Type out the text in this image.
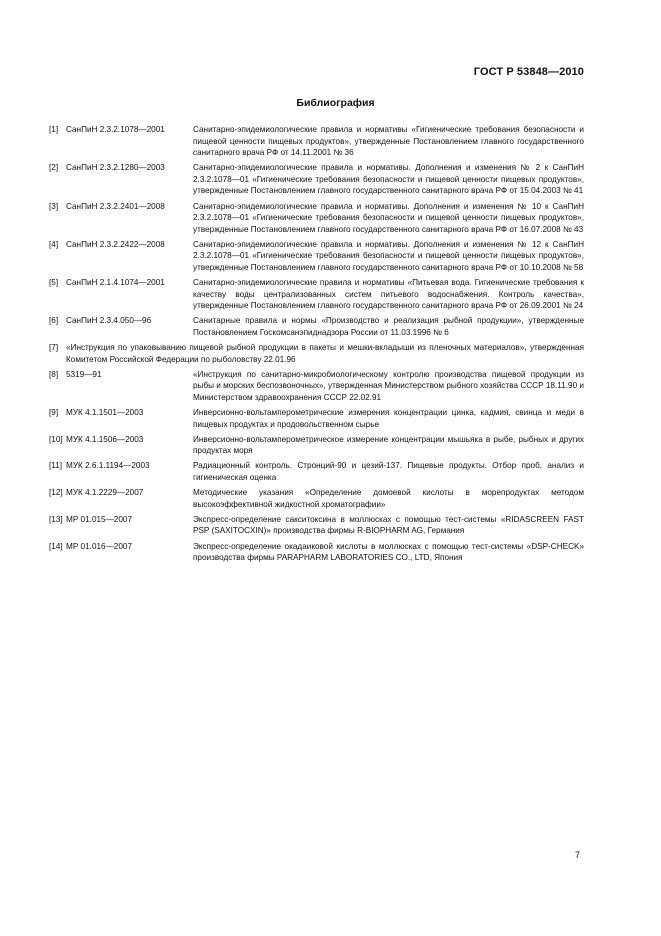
ГОСТ Р 53848—2010
Библиография
[1] СанПиН 2.3.2.1078—2001	Санитарно-эпидемиологические правила и нормативы «Гигиенические требования безопасности и пищевой ценности пищевых продуктов», утвержденные Постановлением главного государственного санитарного врача РФ от 14.11.2001 № 36
[2] СанПиН 2.3.2.1280—2003	Санитарно-эпидемиологические правила и нормативы. Дополнения и изменения № 2 к СанПиН 2.3.2.1078—01 «Гигиенические требования безопасности и пищевой ценности пищевых продуктов», утвержденные Постановлением главного государственного санитарного врача РФ от 15.04.2003 № 41
[3] СанПиН 2.3.2.2401—2008	Санитарно-эпидемиологические правила и нормативы. Дополнения и изменения № 10 к СанПиН 2.3.2.1078—01 «Гигиенические требования безопасности и пищевой ценности пищевых продуктов», утвержденные Постановлением главного государственного санитарного врача РФ от 16.07.2008 № 43
[4] СанПиН 2.3.2.2422—2008	Санитарно-эпидемиологические правила и нормативы. Дополнения и изменения № 12 к СанПиН 2.3.2.1078—01 «Гигиенические требования безопасности и пищевой ценности пищевых продуктов», утвержденные Постановлением главного государственного санитарного врача РФ от 10.10.2008 № 58
[5] СанПиН 2.1.4.1074—2001	Санитарно-эпидемиологические правила и нормативы «Питьевая вода. Гигиенические требования к качеству воды централизованных систем питьевого водоснабжения. Контроль качества», утвержденные Постановлением главного государственного санитарного врача РФ от 26.09.2001 № 24
[6] СанПиН 2.3.4.050—96	Санитарные правила и нормы «Производство и реализация рыбной продукции», утвержденные Постановлением Госкомсанэпиднадзора России от 11.03.1996 № 6
[7] «Инструкция по упаковыванию пищевой рыбной продукции в пакеты и мешки-вкладыши из пленочных материалов», утвержденная Комитетом Российской Федерации по рыболовству 22.01.96
[8] 5319—91	«Инструкция по санитарно-микробиологическому контролю производства пищевой продукции из рыбы и морских беспозвоночных», утвержденная Министерством рыбного хозяйства СССР 18.11.90 и Министерством здравоохранения СССР 22.02.91
[9] МУК 4.1.1501—2003	Инверсионно-вольтамперометрические измерения концентрации цинка, кадмия, свинца и меди в пищевых продуктах и продовольственном сырье
[10] МУК 4.1.1506—2003	Инверсионно-вольтамперометрическое измерение концентрации мышьяка в рыбе, рыбных и других продуктах моря
[11] МУК 2.6.1.1194—2003	Радиационный контроль. Стронций-90 и цезий-137. Пищевые продукты. Отбор проб, анализ и гигиеническая оценка
[12] МУК 4.1.2229—2007	Методические указания «Определение домоевой кислоты в морепродуктах методом высокоэффективной жидкостной хроматографии»
[13] МР 01.015—2007	Экспресс-определение сакситоксина в моллюсках с помощью тест-системы «RIDASCREEN FAST PSP (SAXITOCXIN)» производства фирмы R-BIOPHARM AG, Германия
[14] МР 01.016—2007	Экспресс-определение окадаиковой кислоты в моллюсках с помощью тест-системы «DSP-CHECK» производства фирмы PARAPHARM LABORATORIES CO., LTD, Япония
7
